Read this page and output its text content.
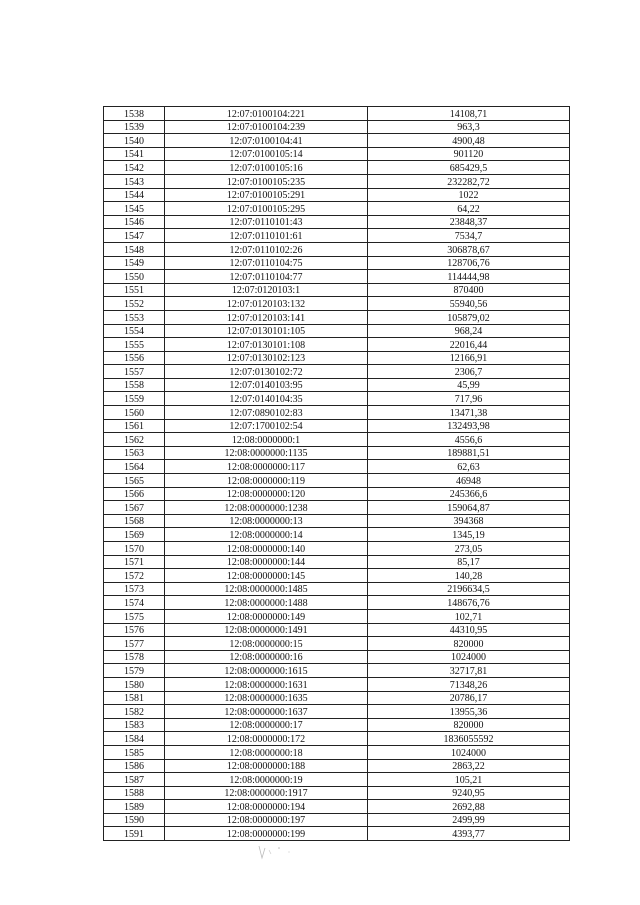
1538	12:07:0100104:221	14108,71
1539	12:07:0100104:239	963,3
1540	12:07:0100104:41	4900,48
1541	12:07:0100105:14	901120
1542	12:07:0100105:16	685429,5
1543	12:07:0100105:235	232282,72
1544	12:07:0100105:291	1022
1545	12:07:0100105:295	64,22
1546	12:07:0110101:43	23848,37
1547	12:07:0110101:61	7534,7
1548	12:07:0110102:26	306878,67
1549	12:07:0110104:75	128706,76
1550	12:07:0110104:77	114444,98
1551	12:07:0120103:1	870400
1552	12:07:0120103:132	55940,56
1553	12:07:0120103:141	105879,02
1554	12:07:0130101:105	968,24
1555	12:07:0130101:108	22016,44
1556	12:07:0130102:123	12166,91
1557	12:07:0130102:72	2306,7
1558	12:07:0140103:95	45,99
1559	12:07:0140104:35	717,96
1560	12:07:0890102:83	13471,38
1561	12:07:1700102:54	132493,98
1562	12:08:0000000:1	4556,6
1563	12:08:0000000:1135	189881,51
1564	12:08:0000000:117	62,63
1565	12:08:0000000:119	46948
1566	12:08:0000000:120	245366,6
1567	12:08:0000000:1238	159064,87
1568	12:08:0000000:13	394368
1569	12:08:0000000:14	1345,19
1570	12:08:0000000:140	273,05
1571	12:08:0000000:144	85,17
1572	12:08:0000000:145	140,28
1573	12:08:0000000:1485	2196634,5
1574	12:08:0000000:1488	148676,76
1575	12:08:0000000:149	102,71
1576	12:08:0000000:1491	44310,95
1577	12:08:0000000:15	820000
1578	12:08:0000000:16	1024000
1579	12:08:0000000:1615	32717,81
1580	12:08:0000000:1631	71348,26
1581	12:08:0000000:1635	20786,17
1582	12:08:0000000:1637	13955,36
1583	12:08:0000000:17	820000
1584	12:08:0000000:172	1836055592
1585	12:08:0000000:18	1024000
1586	12:08:0000000:188	2863,22
1587	12:08:0000000:19	105,21
1588	12:08:0000000:1917	9240,95
1589	12:08:0000000:194	2692,88
1590	12:08:0000000:197	2499,99
1591	12:08:0000000:199	4393,77
